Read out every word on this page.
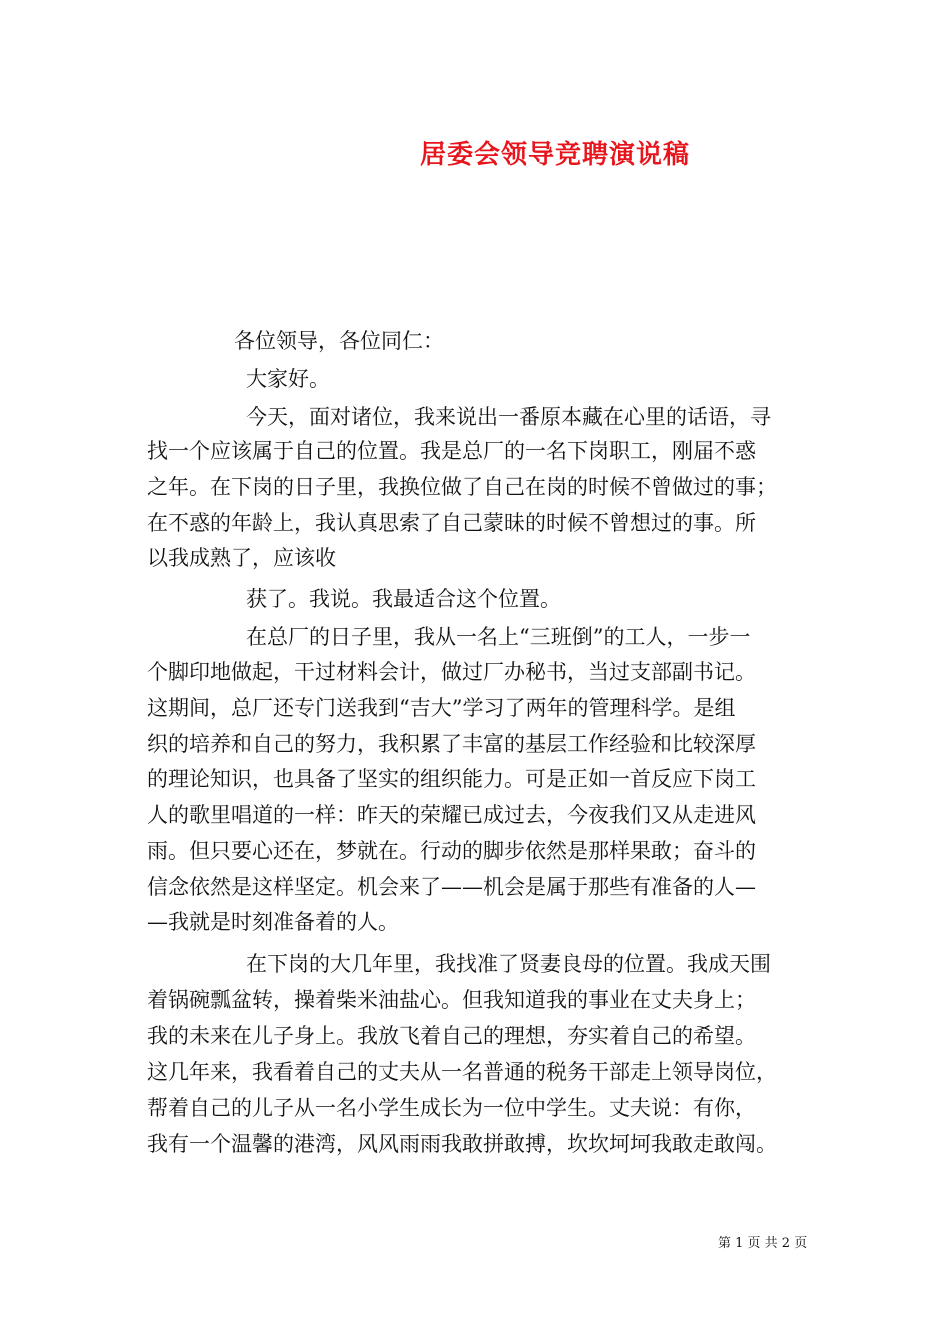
居委会领导竞聘演说稿
各位领导，各位同仁：
大家好。
今天，面对诸位，我来说出一番原本藏在心里的话语，寻
找一个应该属于自己的位置。我是总厂的一名下岗职工，刚届不惑
之年。在下岗的日子里，我换位做了自己在岗的时候不曾做过的事；
在不惑的年龄上，我认真思索了自己蒙昧的时候不曾想过的事。所
以我成熟了，应该收
获了。我说。我最适合这个位置。
在总厂的日子里，我从一名上“三班倒”的工人，一步一
个脚印地做起，干过材料会计，做过厂办秘书，当过支部副书记。
这期间，总厂还专门送我到“吉大”学习了两年的管理科学。是组
织的培养和自己的努力，我积累了丰富的基层工作经验和比较深厚
的理论知识，也具备了坚实的组织能力。可是正如一首反应下岗工
人的歌里唱道的一样：昨天的荣耀已成过去，今夜我们又从走进风
雨。但只要心还在，梦就在。行动的脚步依然是那样果敢；奋斗的
信念依然是这样坚定。机会来了——机会是属于那些有准备的人—
—我就是时刻准备着的人。
在下岗的大几年里，我找准了贤妻良母的位置。我成天围
着锅碗瓢盆转，操着柴米油盐心。但我知道我的事业在丈夫身上；
我的未来在儿子身上。我放飞着自己的理想，夯实着自己的希望。
这几年来，我看着自己的丈夫从一名普通的税务干部走上领导岗位，
帮着自己的儿子从一名小学生成长为一位中学生。丈夫说：有你，
我有一个温馨的港湾，风风雨雨我敢拼敢搏，坎坎坷坷我敢走敢闯。
第 1 页 共 2 页
